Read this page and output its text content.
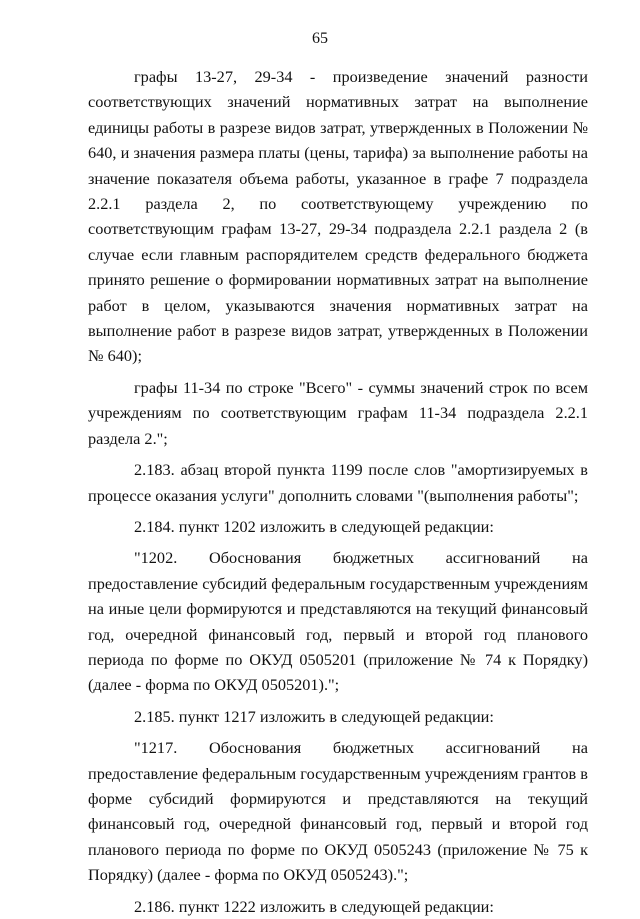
65

графы 13-27, 29-34 - произведение значений разности соответствующих значений нормативных затрат на выполнение единицы работы в разрезе видов затрат, утвержденных в Положении № 640, и значения размера платы (цены, тарифа) за выполнение работы на значение показателя объема работы, указанное в графе 7 подраздела 2.2.1 раздела 2, по соответствующему учреждению по соответствующим графам 13-27, 29-34 подраздела 2.2.1 раздела 2 (в случае если главным распорядителем средств федерального бюджета принято решение о формировании нормативных затрат на выполнение работ в целом, указываются значения нормативных затрат на выполнение работ в разрезе видов затрат, утвержденных в Положении № 640);

графы 11-34 по строке "Всего" - суммы значений строк по всем учреждениям по соответствующим графам 11-34 подраздела 2.2.1 раздела 2.";

2.183. абзац второй пункта 1199 после слов "амортизируемых в процессе оказания услуги" дополнить словами "(выполнения работы";

2.184. пункт 1202 изложить в следующей редакции:

"1202. Обоснования бюджетных ассигнований на предоставление субсидий федеральным государственным учреждениям на иные цели формируются и представляются на текущий финансовый год, очередной финансовый год, первый и второй год планового периода по форме по ОКУД 0505201 (приложение № 74 к Порядку) (далее - форма по ОКУД 0505201).";

2.185. пункт 1217 изложить в следующей редакции:

"1217. Обоснования бюджетных ассигнований на предоставление федеральным государственным учреждениям грантов в форме субсидий формируются и представляются на текущий финансовый год, очередной финансовый год, первый и второй год планового периода по форме по ОКУД 0505243 (приложение № 75 к Порядку) (далее - форма по ОКУД 0505243).";

2.186. пункт 1222 изложить в следующей редакции:
